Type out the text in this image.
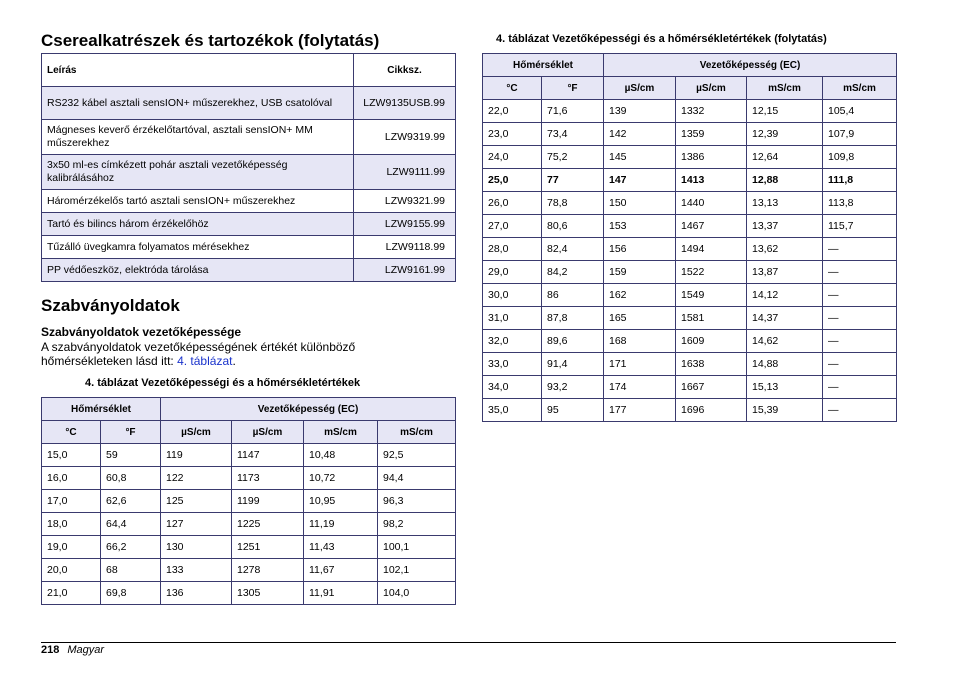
Cserealkatrészek és tartozékok (folytatás)
Leírás	Cikksz.
RS232 kábel asztali sensION+ műszerekhez, USB csatolóval	LZW9135USB.99
Mágneses keverő érzékelőtartóval, asztali sensION+ MM műszerekhez	LZW9319.99
3x50 ml-es címkézett pohár asztali vezetőképesség kalibrálásához	LZW9111.99
Háromérzékelős tartó asztali sensION+ műszerekhez	LZW9321.99
Tartó és bilincs három érzékelőhöz	LZW9155.99
Tűzálló üvegkamra folyamatos mérésekhez	LZW9118.99
PP védőeszköz, elektróda tárolása	LZW9161.99
Szabványoldatok
Szabványoldatok vezetőképessége
A szabványoldatok vezetőképességének értékét különböző hőmérsékleteken lásd itt: 4. táblázat.
4. táblázat Vezetőképességi és a hőmérsékletértékek
Hőmérséklet		Vezetőképesség (EC)			
°C	°F	µS/cm	µS/cm	mS/cm	mS/cm
15,0	59	119	1147	10,48	92,5
16,0	60,8	122	1173	10,72	94,4
17,0	62,6	125	1199	10,95	96,3
18,0	64,4	127	1225	11,19	98,2
19,0	66,2	130	1251	11,43	100,1
20,0	68	133	1278	11,67	102,1
21,0	69,8	136	1305	11,91	104,0
4. táblázat Vezetőképességi és a hőmérsékletértékek (folytatás)
Hőmérséklet		Vezetőképesség (EC)			
°C	°F	µS/cm	µS/cm	mS/cm	mS/cm
22,0	71,6	139	1332	12,15	105,4
23,0	73,4	142	1359	12,39	107,9
24,0	75,2	145	1386	12,64	109,8
25,0	77	147	1413	12,88	111,8
26,0	78,8	150	1440	13,13	113,8
27,0	80,6	153	1467	13,37	115,7
28,0	82,4	156	1494	13,62	—
29,0	84,2	159	1522	13,87	—
30,0	86	162	1549	14,12	—
31,0	87,8	165	1581	14,37	—
32,0	89,6	168	1609	14,62	—
33,0	91,4	171	1638	14,88	—
34,0	93,2	174	1667	15,13	—
35,0	95	177	1696	15,39	—
218 Magyar
